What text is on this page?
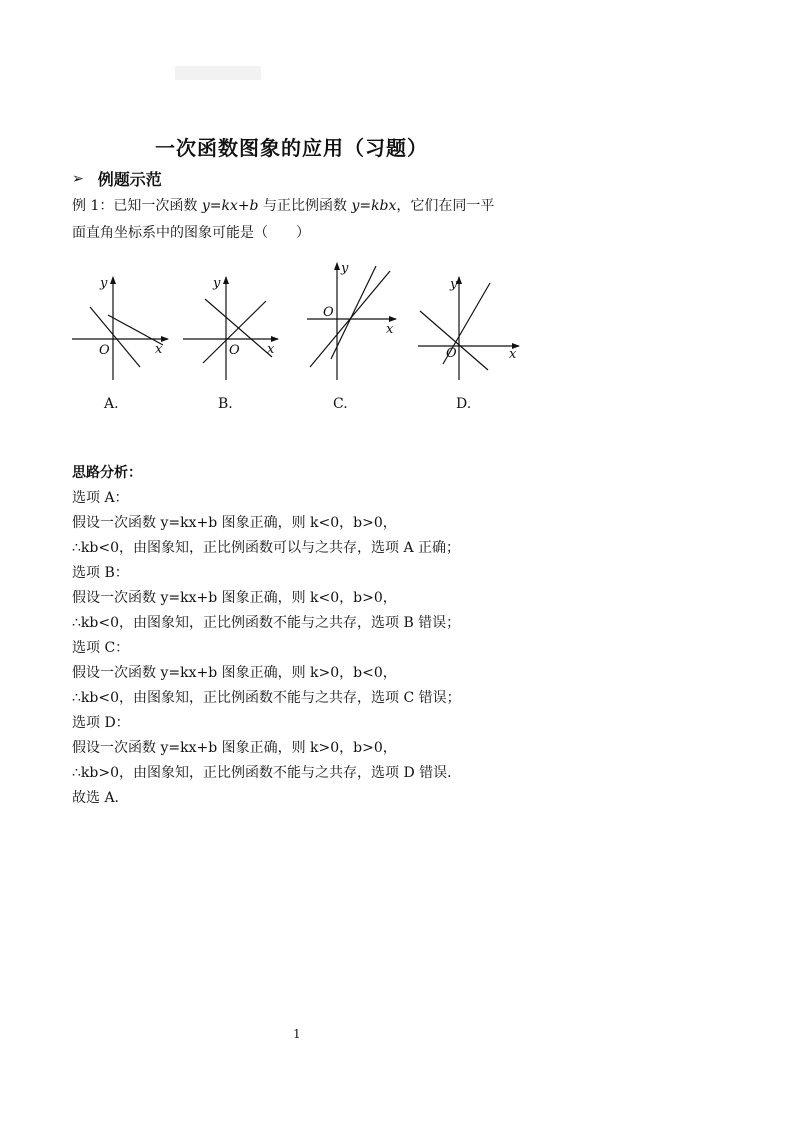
一次函数图象的应用（习题）
➢ 例题示范
例 1：已知一次函数 y=kx+b 与正比例函数 y=kbx，它们在同一平
面直角坐标系中的图象可能是（　　）
y
x
O
y
x
O
y
x
O
y
x
O
A.	B.	C.	D.
思路分析：
选项 A：
假设一次函数 y=kx+b 图象正确，则 k<0，b>0，
∴kb<0，由图象知，正比例函数可以与之共存，选项 A 正确；
选项 B：
假设一次函数 y=kx+b 图象正确，则 k<0，b>0，
∴kb<0，由图象知，正比例函数不能与之共存，选项 B 错误；
选项 C：
假设一次函数 y=kx+b 图象正确，则 k>0，b<0，
∴kb<0，由图象知，正比例函数不能与之共存，选项 C 错误；
选项 D：
假设一次函数 y=kx+b 图象正确，则 k>0，b>0，
∴kb>0，由图象知，正比例函数不能与之共存，选项 D 错误．
故选 A．
1
